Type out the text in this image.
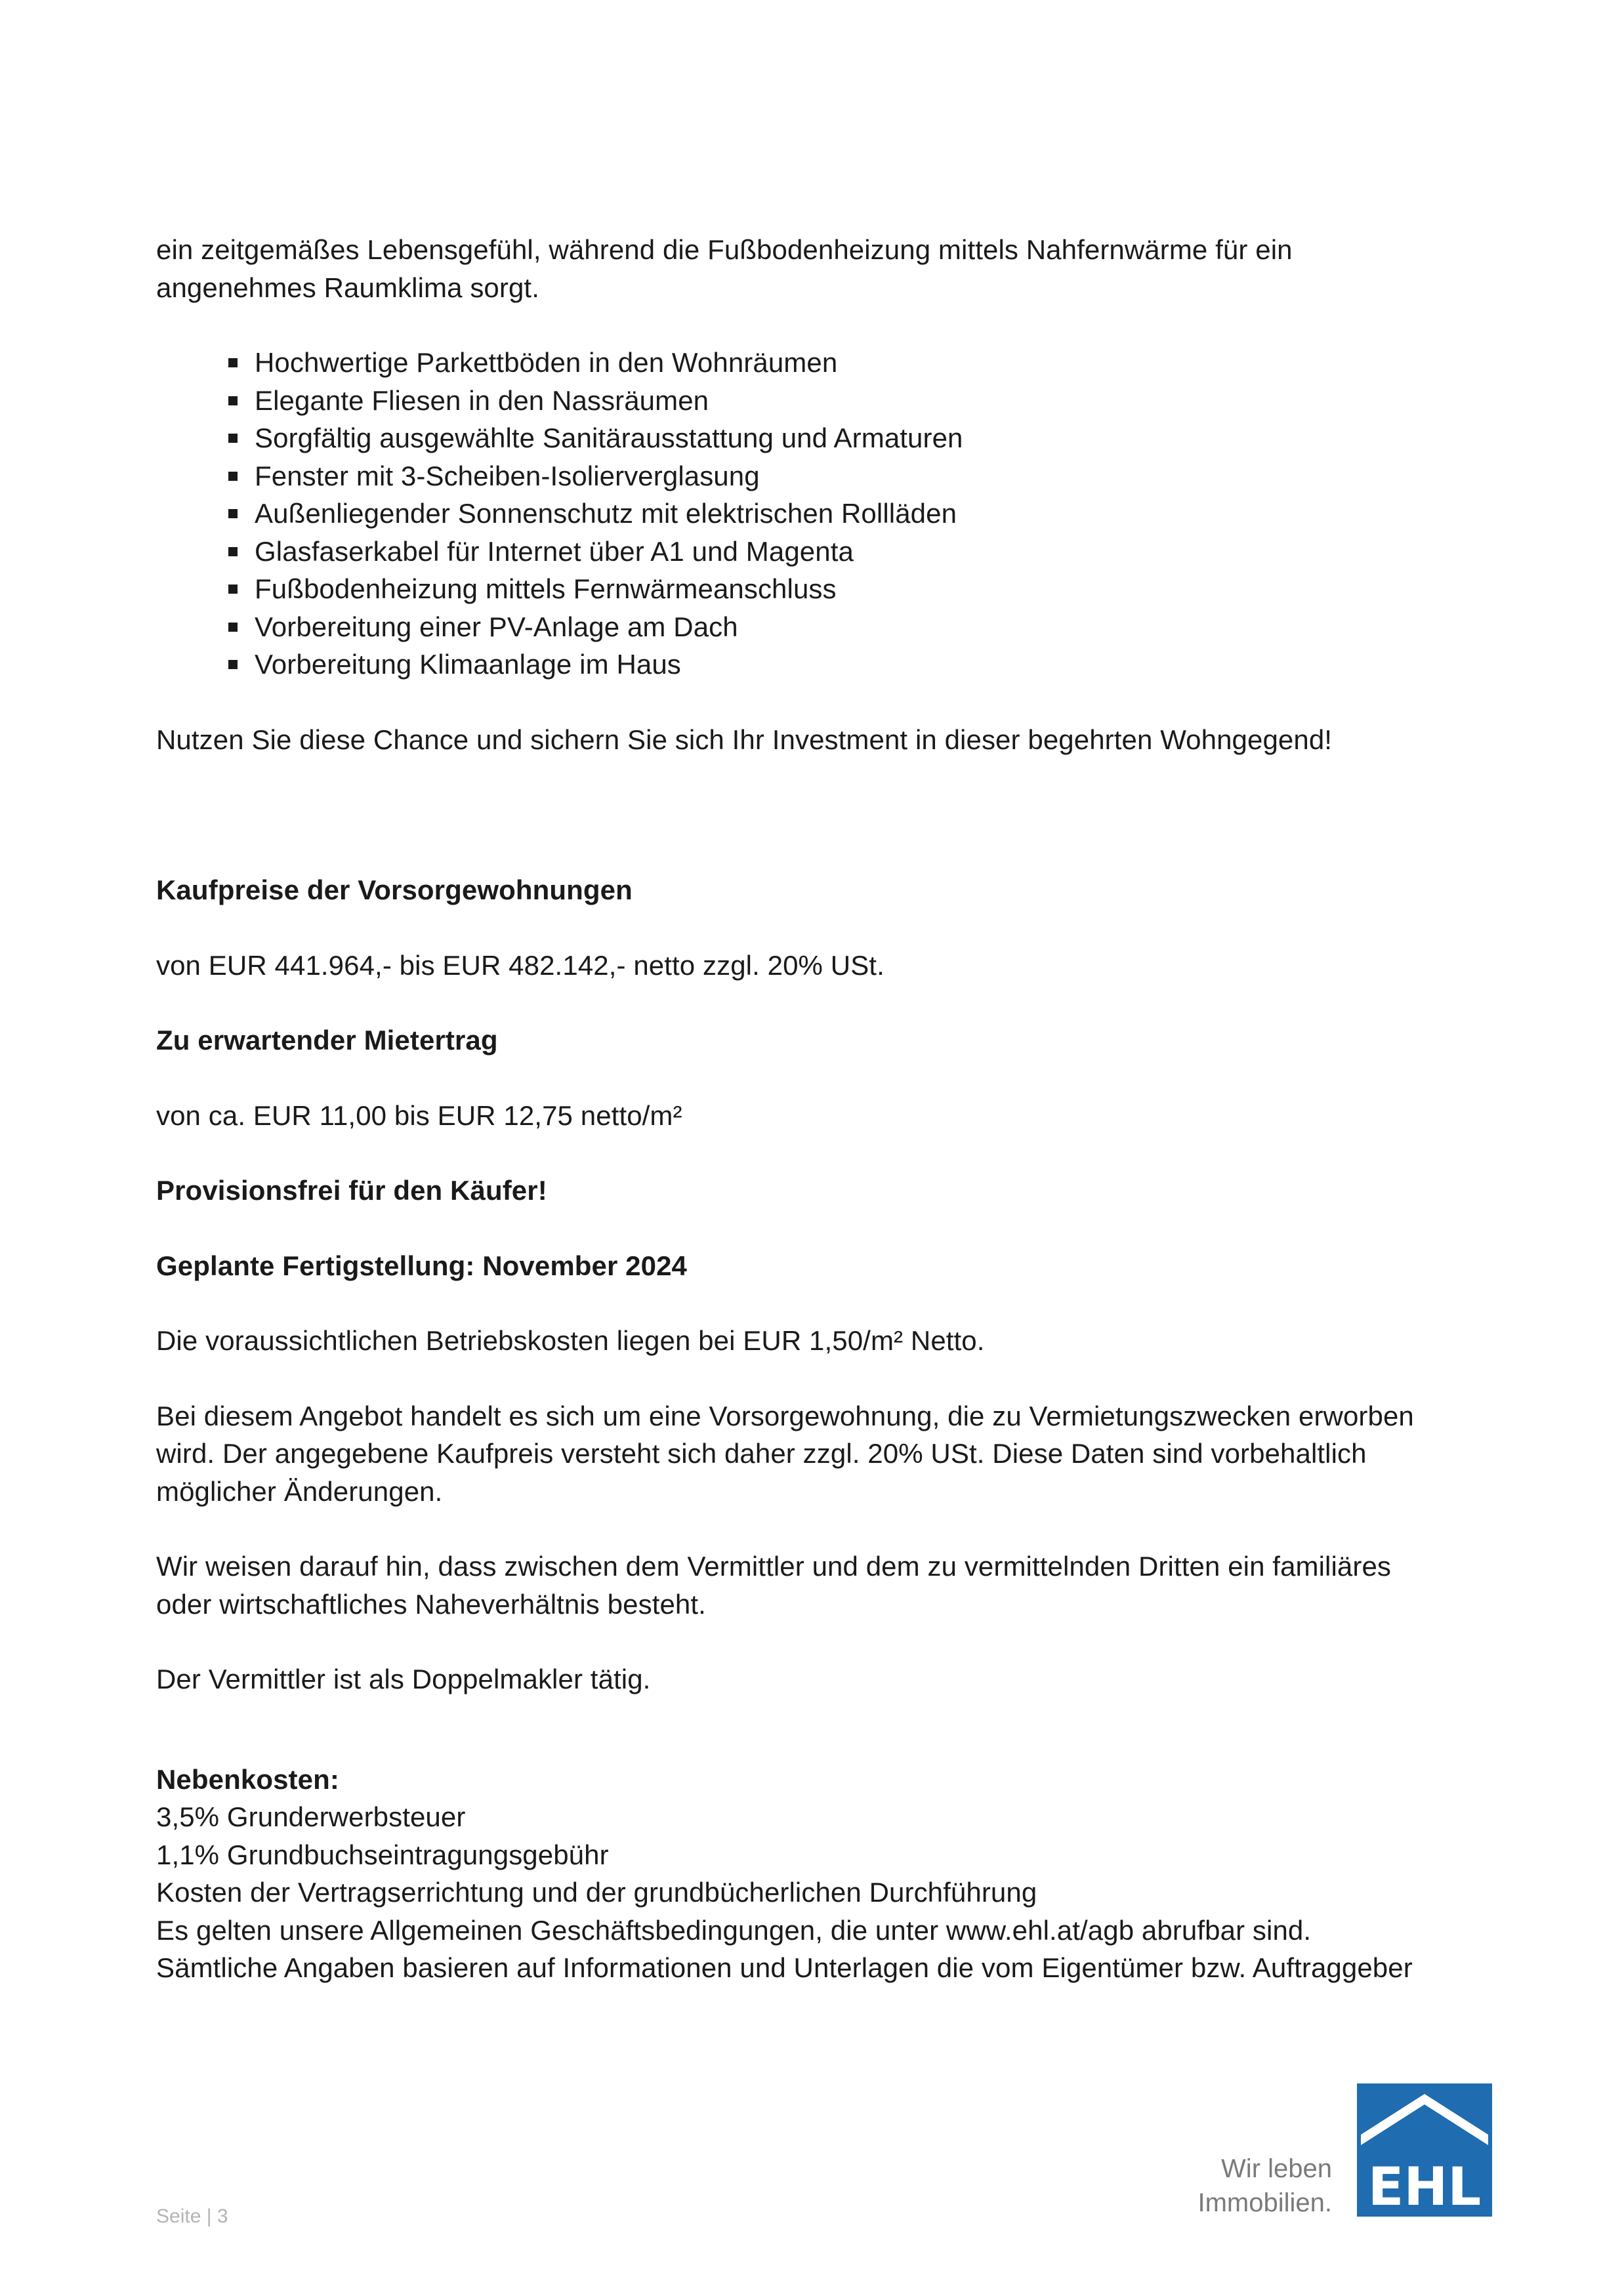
ein zeitgemäßes Lebensgefühl, während die Fußbodenheizung mittels Nahfernwärme für ein

angenehmes Raumklima sorgt.

Hochwertige Parkettböden in den Wohnräumen
Elegante Fliesen in den Nassräumen
Sorgfältig ausgewählte Sanitärausstattung und Armaturen
Fenster mit 3-Scheiben-Isolierverglasung
Außenliegender Sonnenschutz mit elektrischen Rollläden
Glasfaserkabel für Internet über A1 und Magenta
Fußbodenheizung mittels Fernwärmeanschluss
Vorbereitung einer PV-Anlage am Dach
Vorbereitung Klimaanlage im Haus

Nutzen Sie diese Chance und sichern Sie sich Ihr Investment in dieser begehrten Wohngegend!

Kaufpreise der Vorsorgewohnungen

von EUR 441.964,- bis EUR 482.142,- netto zzgl. 20% USt.

Zu erwartender Mietertrag

von ca. EUR 11,00 bis EUR 12,75 netto/m²

Provisionsfrei für den Käufer!

Geplante Fertigstellung: November 2024

Die voraussichtlichen Betriebskosten liegen bei EUR 1,50/m² Netto.

Bei diesem Angebot handelt es sich um eine Vorsorgewohnung, die zu Vermietungszwecken erworben

wird. Der angegebene Kaufpreis versteht sich daher zzgl. 20% USt. Diese Daten sind vorbehaltlich

möglicher Änderungen.

Wir weisen darauf hin, dass zwischen dem Vermittler und dem zu vermittelnden Dritten ein familiäres

oder wirtschaftliches Naheverhältnis besteht.

Der Vermittler ist als Doppelmakler tätig.

Nebenkosten:

3,5% Grunderwerbsteuer

1,1% Grundbuchseintragungsgebühr

Kosten der Vertragserrichtung und der grundbücherlichen Durchführung

Es gelten unsere Allgemeinen Geschäftsbedingungen, die unter www.ehl.at/agb abrufbar sind.

Sämtliche Angaben basieren auf Informationen und Unterlagen die vom Eigentümer bzw. Auftraggeber

Seite | 3
Wir leben
Immobilien. EHL
